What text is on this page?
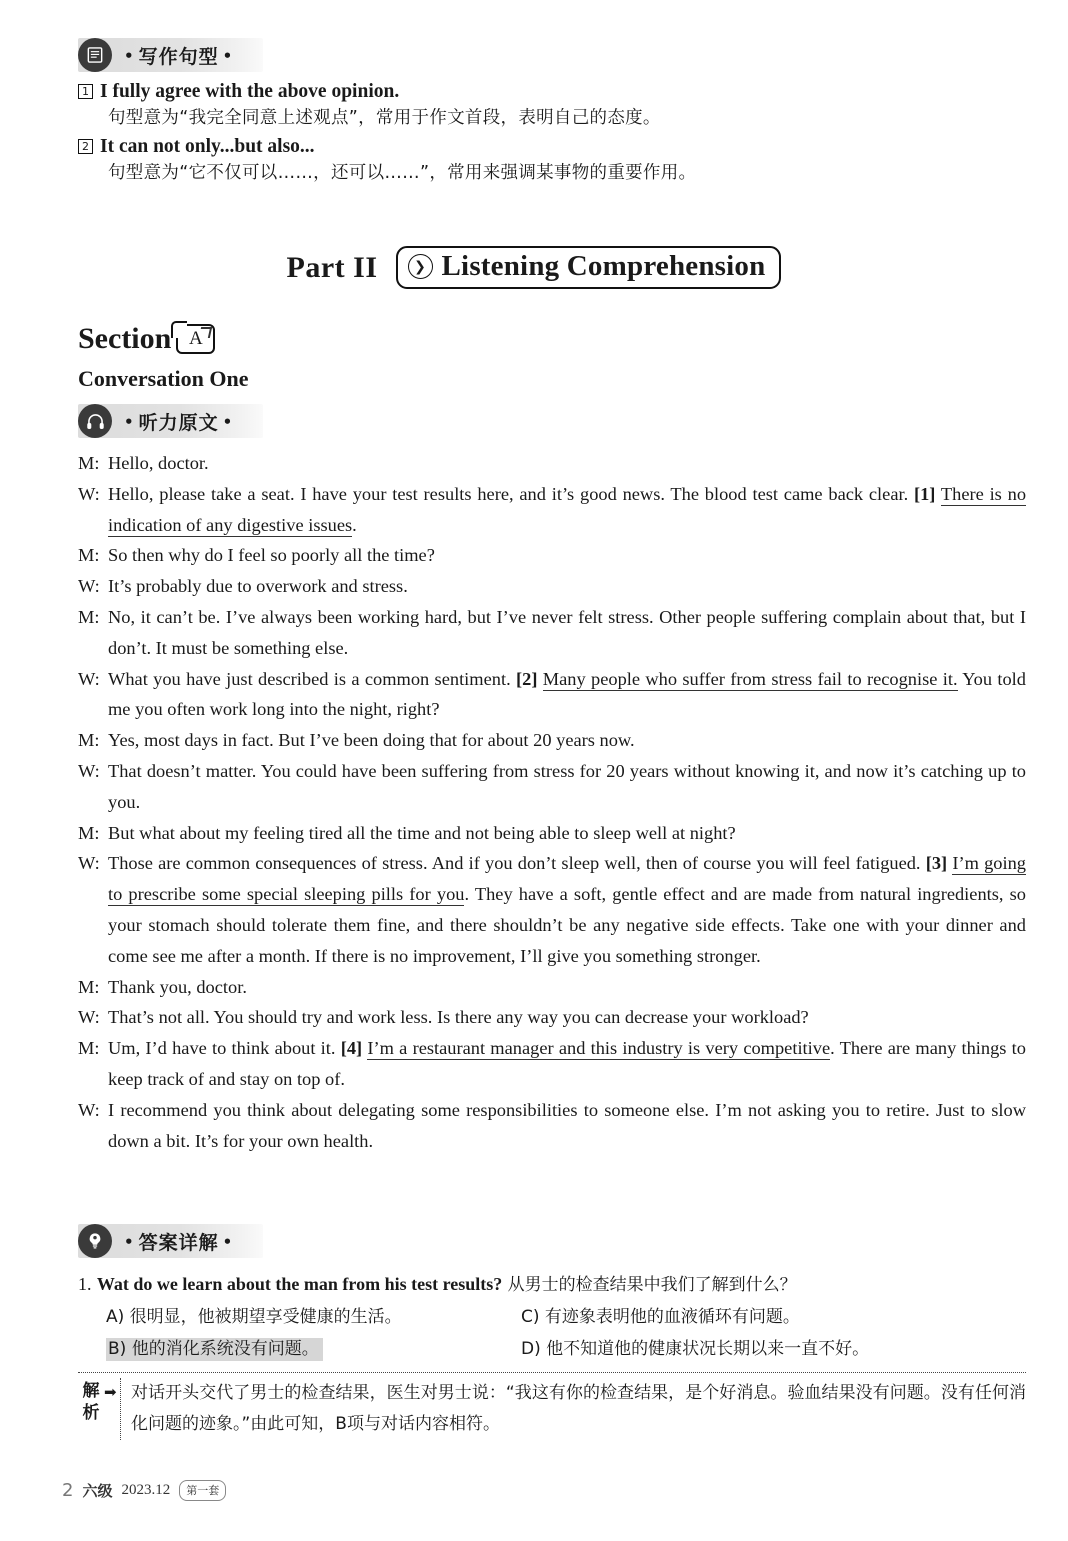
• 写作句型 •
1 I fully agree with the above opinion.
句型意为“我完全同意上述观点”，常用于作文首段，表明自己的态度。
2 It can not only...but also...
句型意为“它不仅可以……，还可以……”，常用来强调某事物的重要作用。
Part II	❯ Listening Comprehension
Section A
Conversation One
• 听力原文 •
M: Hello, doctor.
W: Hello, please take a seat. I have your test results here, and it’s good news. The blood test came back clear. [1] There is no indication of any digestive issues.
M: So then why do I feel so poorly all the time?
W: It’s probably due to overwork and stress.
M: No, it can’t be. I’ve always been working hard, but I’ve never felt stress. Other people suffering complain about that, but I don’t. It must be something else.
W: What you have just described is a common sentiment. [2] Many people who suffer from stress fail to recognise it. You told me you often work long into the night, right?
M: Yes, most days in fact. But I’ve been doing that for about 20 years now.
W: That doesn’t matter. You could have been suffering from stress for 20 years without knowing it, and now it’s catching up to you.
M: But what about my feeling tired all the time and not being able to sleep well at night?
W: Those are common consequences of stress. And if you don’t sleep well, then of course you will feel fatigued. [3] I’m going to prescribe some special sleeping pills for you. They have a soft, gentle effect and are made from natural ingredients, so your stomach should tolerate them fine, and there shouldn’t be any negative side effects. Take one with your dinner and come see me after a month. If there is no improvement, I’ll give you something stronger.
M: Thank you, doctor.
W: That’s not all. You should try and work less. Is there any way you can decrease your workload?
M: Um, I’d have to think about it. [4] I’m a restaurant manager and this industry is very competitive. There are many things to keep track of and stay on top of.
W: I recommend you think about delegating some responsibilities to someone else. I’m not asking you to retire. Just to slow down a bit. It’s for your own health.
• 答案详解 •
1. Wat do we learn about the man from his test results? 从男士的检查结果中我们了解到什么？
A) 很明显，他被期望享受健康的生活。	C) 有迹象表明他的血液循环有问题。
B) 他的消化系统没有问题。	D) 他不知道他的健康状况长期以来一直不好。
解
析
➡ 对话开头交代了男士的检查结果，医生对男士说：“我这有你的检查结果，是个好消息。验血结果没有问题。没有任何消化问题的迹象。”由此可知，B项与对话内容相符。
2 六级 2023.12	第一套
